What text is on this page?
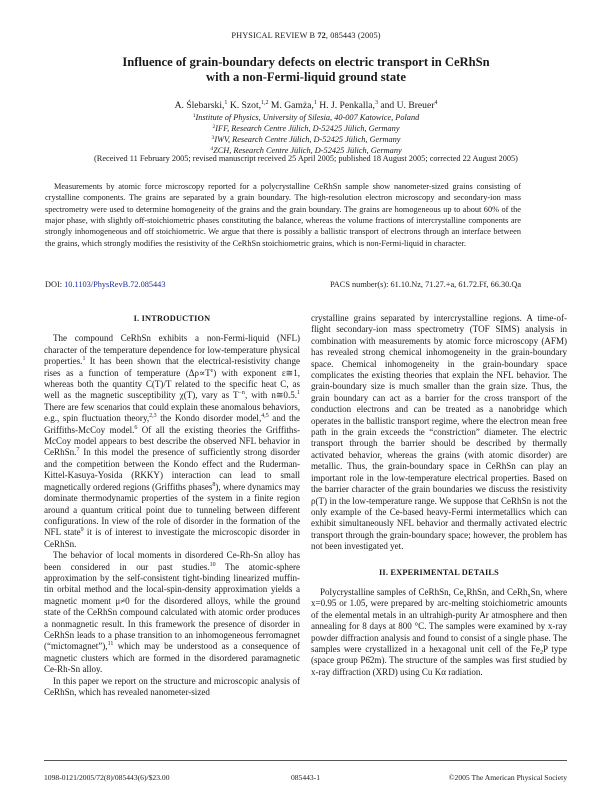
PHYSICAL REVIEW B 72, 085443 (2005)
Influence of grain-boundary defects on electric transport in CeRhSn
with a non-Fermi-liquid ground state
A. Ślebarski,$^1$ K. Szot,$^{1,2}$ M. Gamża,$^1$ H. J. Penkalla,$^3$ and U. Breuer$^4$
$^1$Institute of Physics, University of Silesia, 40-007 Katowice, Poland
$^2$IFF, Research Centre Jülich, D-52425 Jülich, Germany
$^3$IWV, Research Centre Jülich, D-52425 Jülich, Germany
$^4$ZCH, Research Centre Jülich, D-52425 Jülich, Germany
(Received 11 February 2005; revised manuscript received 25 April 2005; published 18 August 2005; corrected 22 August 2005)
Measurements by atomic force microscopy reported for a polycrystalline CeRhSn sample show nanometer-sized grains consisting of crystalline components. The grains are separated by a grain boundary. The high-resolution electron microscopy and secondary-ion mass spectrometry were used to determine homogeneity of the grains and the grain boundary. The grains are homogeneous up to about 60% of the major phase, with slightly off-stoichiometric phases constituting the balance, whereas the volume fractions of intercrystalline components are strongly inhomogeneous and off stoichiometric. We argue that there is possibly a ballistic transport of electrons through an interface between the grains, which strongly modifies the resistivity of the CeRhSn stoichiometric grains, which is non-Fermi-liquid in character.
DOI: 10.1103/PhysRevB.72.085443	PACS number(s): 61.10.Nz, 71.27.+a, 61.72.Ff, 66.30.Qa
I. INTRODUCTION

The compound CeRhSn exhibits a non-Fermi-liquid (NFL) character of the temperature dependence for low-temperature physical properties.$^1$ It has been shown that the electrical-resistivity change rises as a function of temperature $(\Delta\rho\propto T^\varepsilon)$ with exponent ε≅1, whereas both the quantity C(T)/T related to the specific heat C, as well as the magnetic susceptibility χ(T), vary as $T^{-n}$, with n≅0.5.$^1$ There are few scenarios that could explain these anomalous behaviors, e.g., spin fluctuation theory,$^{2,3}$ the Kondo disorder model,$^{4,5}$ and the Griffiths-McCoy model.$^6$ Of all the existing theories the Griffiths-McCoy model appears to best describe the observed NFL behavior in CeRhSn.$^7$ In this model the presence of sufficiently strong disorder and the competition between the Kondo effect and the Ruderman-Kittel-Kasuya-Yosida (RKKY) interaction can lead to small magnetically ordered regions (Griffiths phases$^8$), where dynamics may dominate thermodynamic properties of the system in a finite region around a quantum critical point due to tunneling between different configurations. In view of the role of disorder in the formation of the NFL state$^9$ it is of interest to investigate the microscopic disorder in CeRhSn.

The behavior of local moments in disordered Ce-Rh-Sn alloy has been considered in our past studies.$^{10}$ The atomic-sphere approximation by the self-consistent tight-binding linearized muffin-tin orbital method and the local-spin-density approximation yields a magnetic moment μ≠0 for the disordered alloys, while the ground state of the CeRhSn compound calculated with atomic order produces a nonmagnetic result. In this framework the presence of disorder in CeRhSn leads to a phase transition to an inhomogeneous ferromagnet (“mictomagnet”),$^{11}$ which may be understood as a consequence of magnetic clusters which are formed in the disordered paramagnetic Ce-Rh-Sn alloy.

In this paper we report on the structure and microscopic analysis of CeRhSn, which has revealed nanometer-sized

crystalline grains separated by intercrystalline regions. A time-of-flight secondary-ion mass spectrometry (TOF SIMS) analysis in combination with measurements by atomic force microscopy (AFM) has revealed strong chemical inhomogeneity in the grain-boundary space. Chemical inhomogeneity in the grain-boundary space complicates the existing theories that explain the NFL behavior. The grain-boundary size is much smaller than the grain size. Thus, the grain boundary can act as a barrier for the cross transport of the conduction electrons and can be treated as a nanobridge which operates in the ballistic transport regime, where the electron mean free path in the grain exceeds the “constriction” diameter. The electric transport through the barrier should be described by thermally activated behavior, whereas the grains (with atomic disorder) are metallic. Thus, the grain-boundary space in CeRhSn can play an important role in the low-temperature electrical properties. Based on the barrier character of the grain boundaries we discuss the resistivity ρ(T) in the low-temperature range. We suppose that CeRhSn is not the only example of the Ce-based heavy-Fermi intermetallics which can exhibit simultaneously NFL behavior and thermally activated electric transport through the grain-boundary space; however, the problem has not been investigated yet.

II. EXPERIMENTAL DETAILS

Polycrystalline samples of CeRhSn, $Ce_xRhSn$, and CeRh$_x$Sn, where x=0.95 or 1.05, were prepared by arc-melting stoichiometric amounts of the elemental metals in an ultrahigh-purity Ar atmosphere and then annealing for 8 days at 800 °C. The samples were examined by x-ray powder diffraction analysis and found to consist of a single phase. The samples were crystallized in a hexagonal unit cell of the $Fe_2P$ type (space group P6̄2m). The structure of the samples was first studied by x-ray diffraction (XRD) using Cu Kα radiation.

1098-0121/2005/72(8)/085443(6)/$23.00	085443-1	©2005 The American Physical Society
